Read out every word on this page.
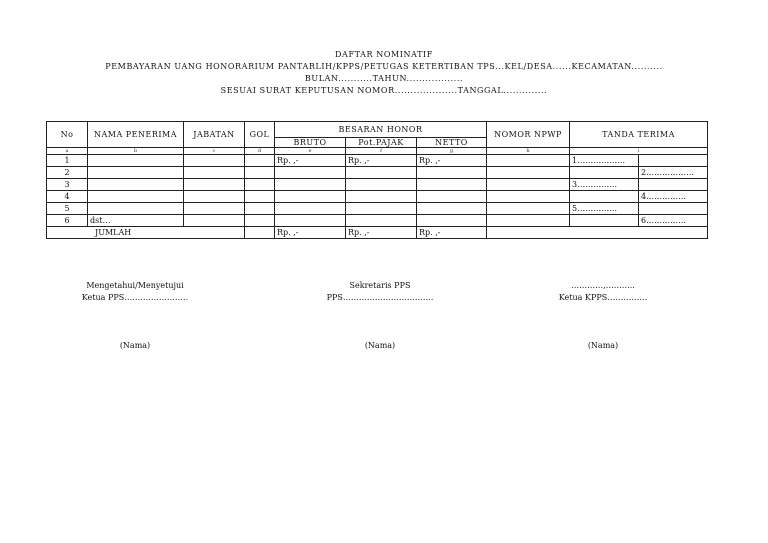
DAFTAR NOMINATIF
PEMBAYARAN UANG HONORARIUM PANTARLIH/KPPS/PETUGAS KETERTIBAN TPS...KEL/DESA......KECAMATAN..........
BULAN...........TAHUN..................
SESUAI SURAT KEPUTUSAN NOMOR....................TANGGAL..............
No	NAMA PENERIMA	JABATAN	GOL	BESARAN HONOR			NOMOR NPWP	TANDA TERIMA	
				BRUTO	Pot.PAJAK	NETTO			
a	b	c	d	e	f	g	h	i	
1				Rp. ,-	Rp. ,-	Rp. ,-		1………………	
2									2………………
3								3……………	
4									4……………
5								5……………	
6	dst…								6……………
JUMLAH				Rp. ,-	Rp. ,-	Rp. ,-			
Mengetahui/Menyetujui
Ketua PPS……………………
(Nama)
Sekretaris PPS
PPS…………………………….
(Nama)
…………,………..
Ketua KPPS……………
(Nama)
